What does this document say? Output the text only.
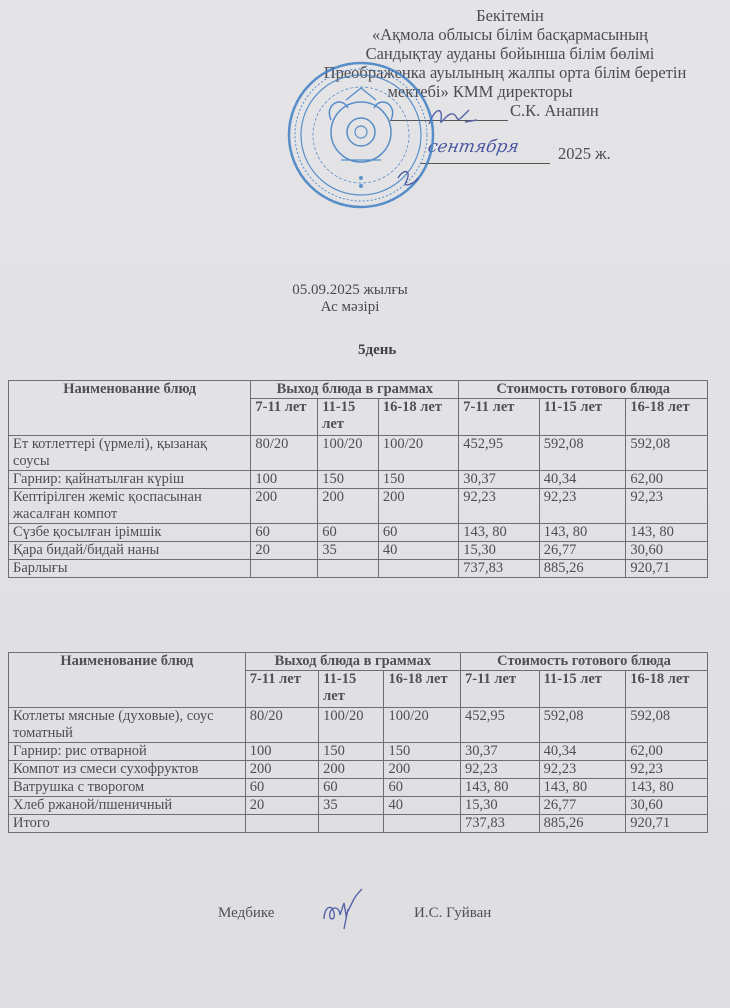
Бекітемін
«Ақмола облысы білім басқармасының
Сандықтау ауданы бойынша білім бөлімі
Преображенка ауылының жалпы орта білім беретін
мектебі» КММ директоры
С.К. Анапин
сентября 2025 ж.
05.09.2025 жылғы
Ас мәзірі
5день
Наименование блюд	Выход блюда в граммах			Стоимость готового блюда		
	7-11 лет	11-15 лет	16-18 лет	7-11 лет	11-15 лет	16-18 лет
Ет котлеттері (үрмелі), қызанақ соусы	80/20	100/20	100/20	452,95	592,08	592,08
Гарнир: қайнатылған күріш	100	150	150	30,37	40,34	62,00
Кептірілген жеміс қоспасынан жасалған компот	200	200	200	92,23	92,23	92,23
Сүзбе қосылған ірімшік	60	60	60	143, 80	143, 80	143, 80
Қара бидай/бидай наны	20	35	40	15,30	26,77	30,60
Барлығы				737,83	885,26	920,71
Наименование блюд	Выход блюда в граммах			Стоимость готового блюда		
	7-11 лет	11-15 лет	16-18 лет	7-11 лет	11-15 лет	16-18 лет
Котлеты мясные (духовые), соус томатный	80/20	100/20	100/20	452,95	592,08	592,08
Гарнир: рис отварной	100	150	150	30,37	40,34	62,00
Компот из смеси сухофруктов	200	200	200	92,23	92,23	92,23
Ватрушка с творогом	60	60	60	143, 80	143, 80	143, 80
Хлеб ржаной/пшеничный	20	35	40	15,30	26,77	30,60
Итого				737,83	885,26	920,71
Медбике	И.С. Гуйван
